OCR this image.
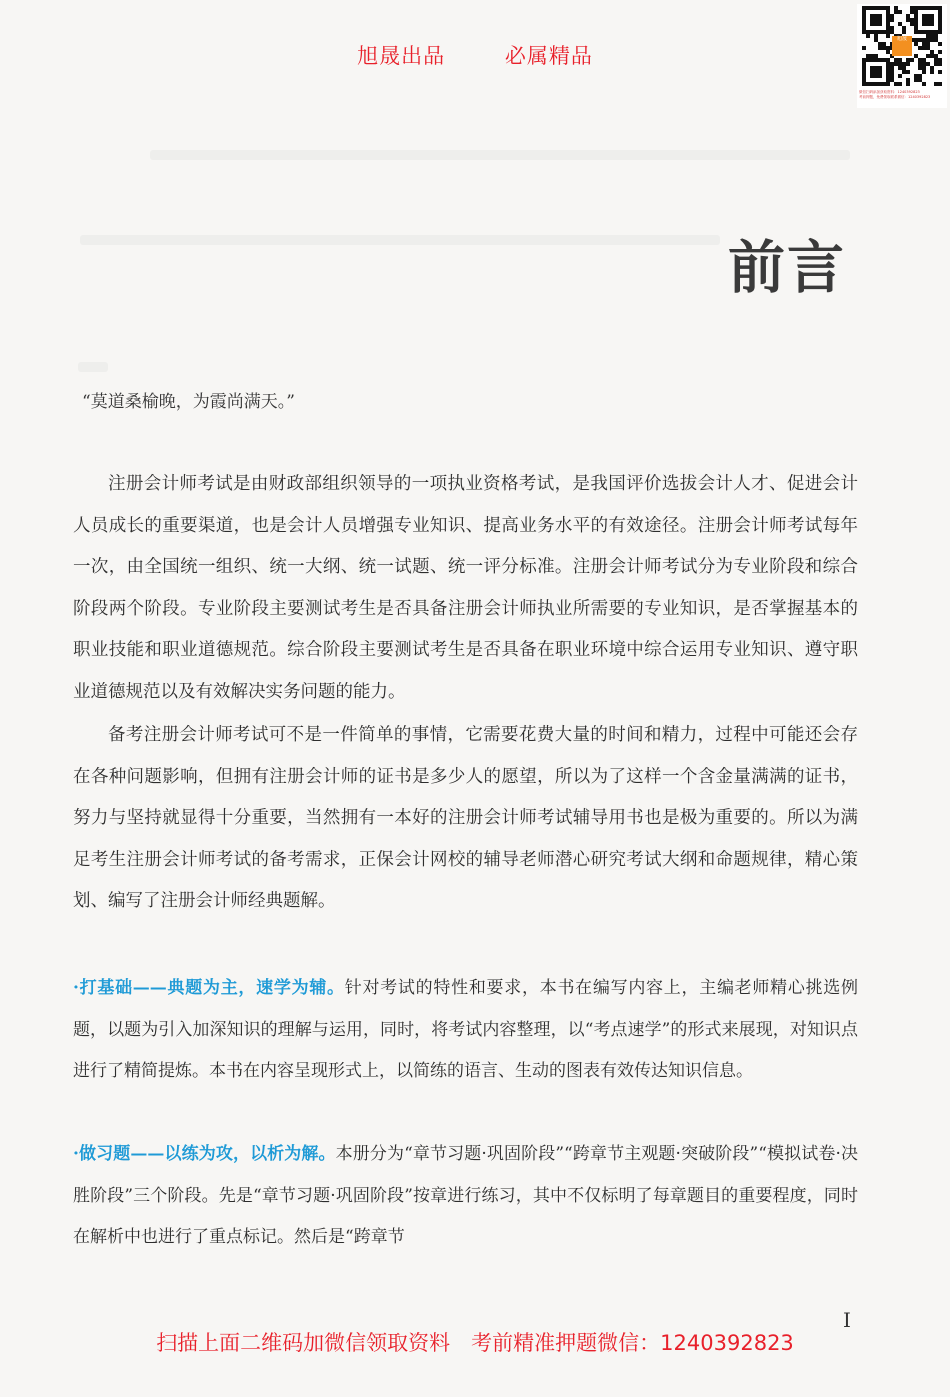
旭晟出品	必属精品
旭晟
微信扫码添加获取资料：1240392823
考前押题，免费领取联系微信：1240392823
前言
“莫道桑榆晚，为霞尚满天。”

注册会计师考试是由财政部组织领导的一项执业资格考试，是我国评价选拔会计人才、促进会计人员成长的重要渠道，也是会计人员增强专业知识、提高业务水平的有效途径。注册会计师考试每年一次，由全国统一组织、统一大纲、统一试题、统一评分标准。注册会计师考试分为专业阶段和综合阶段两个阶段。专业阶段主要测试考生是否具备注册会计师执业所需要的专业知识，是否掌握基本的职业技能和职业道德规范。综合阶段主要测试考生是否具备在职业环境中综合运用专业知识、遵守职业道德规范以及有效解决实务问题的能力。

备考注册会计师考试可不是一件简单的事情，它需要花费大量的时间和精力，过程中可能还会存在各种问题影响，但拥有注册会计师的证书是多少人的愿望，所以为了这样一个含金量满满的证书，努力与坚持就显得十分重要，当然拥有一本好的注册会计师考试辅导用书也是极为重要的。所以为满足考生注册会计师考试的备考需求，正保会计网校的辅导老师潜心研究考试大纲和命题规律，精心策划、编写了注册会计师经典题解。

·打基础——典题为主，速学为辅。针对考试的特性和要求，本书在编写内容上，主编老师精心挑选例题，以题为引入加深知识的理解与运用，同时，将考试内容整理，以“考点速学”的形式来展现，对知识点进行了精简提炼。本书在内容呈现形式上，以简练的语言、生动的图表有效传达知识信息。

·做习题——以练为攻，以析为解。本册分为“章节习题·巩固阶段”“跨章节主观题·突破阶段”“模拟试卷·决胜阶段”三个阶段。先是“章节习题·巩固阶段”按章进行练习，其中不仅标明了每章题目的重要程度，同时在解析中也进行了重点标记。然后是“跨章节

I
扫描上面二维码加微信领取资料　考前精准押题微信：1240392823
